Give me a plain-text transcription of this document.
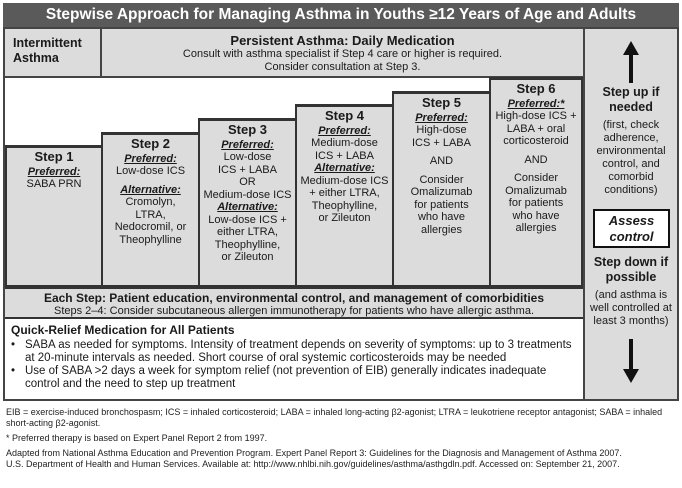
Stepwise Approach for Managing Asthma in Youths ≥12 Years of Age and Adults
Intermittent
Asthma
Persistent Asthma: Daily Medication
Consult with asthma specialist if Step 4 care or higher is required.
Consider consultation at Step 3.
Step up if
needed
(first, check
adherence,
environmental
control, and
comorbid
conditions)
Assess
control
Step down if
possible
(and asthma is
well controlled at
least 3 months)
Step 1
Preferred:
SABA PRN
Step 2
Preferred:
Low-dose ICS
Alternative:
Cromolyn,
LTRA,
Nedocromil, or
Theophylline
Step 3
Preferred:
Low-dose
ICS + LABA
OR
Medium-dose ICS
Alternative:
Low-dose ICS +
either LTRA,
Theophylline,
or Zileuton
Step 4
Preferred:
Medium-dose
ICS + LABA
Alternative:
Medium-dose ICS
+ either LTRA,
Theophylline,
or Zileuton
Step 5
Preferred:
High-dose
ICS + LABA
AND
Consider
Omalizumab
for patients
who have
allergies
Step 6
Preferred:*
High-dose ICS +
LABA + oral
corticosteroid
AND
Consider
Omalizumab
for patients
who have
allergies
Each Step: Patient education, environmental control, and management of comorbidities
Steps 2–4: Consider subcutaneous allergen immunotherapy for patients who have allergic asthma.
Quick-Relief Medication for All Patients
• SABA as needed for symptoms. Intensity of treatment depends on severity of symptoms: up to 3 treatments at 20-minute intervals as needed. Short course of oral systemic corticosteroids may be needed
• Use of SABA >2 days a week for symptom relief (not prevention of EIB) generally indicates inadequate control and the need to step up treatment

EIB = exercise-induced bronchospasm; ICS = inhaled corticosteroid; LABA = inhaled long-acting β2-agonist; LTRA = leukotriene receptor antagonist; SABA = inhaled short-acting β2-agonist.

* Preferred therapy is based on Expert Panel Report 2 from 1997.

Adapted from National Asthma Education and Prevention Program. Expert Panel Report 3: Guidelines for the Diagnosis and Management of Asthma 2007.

U.S. Department of Health and Human Services. Available at: http://www.nhlbi.nih.gov/guidelines/asthma/asthgdln.pdf. Accessed on: September 21, 2007.
